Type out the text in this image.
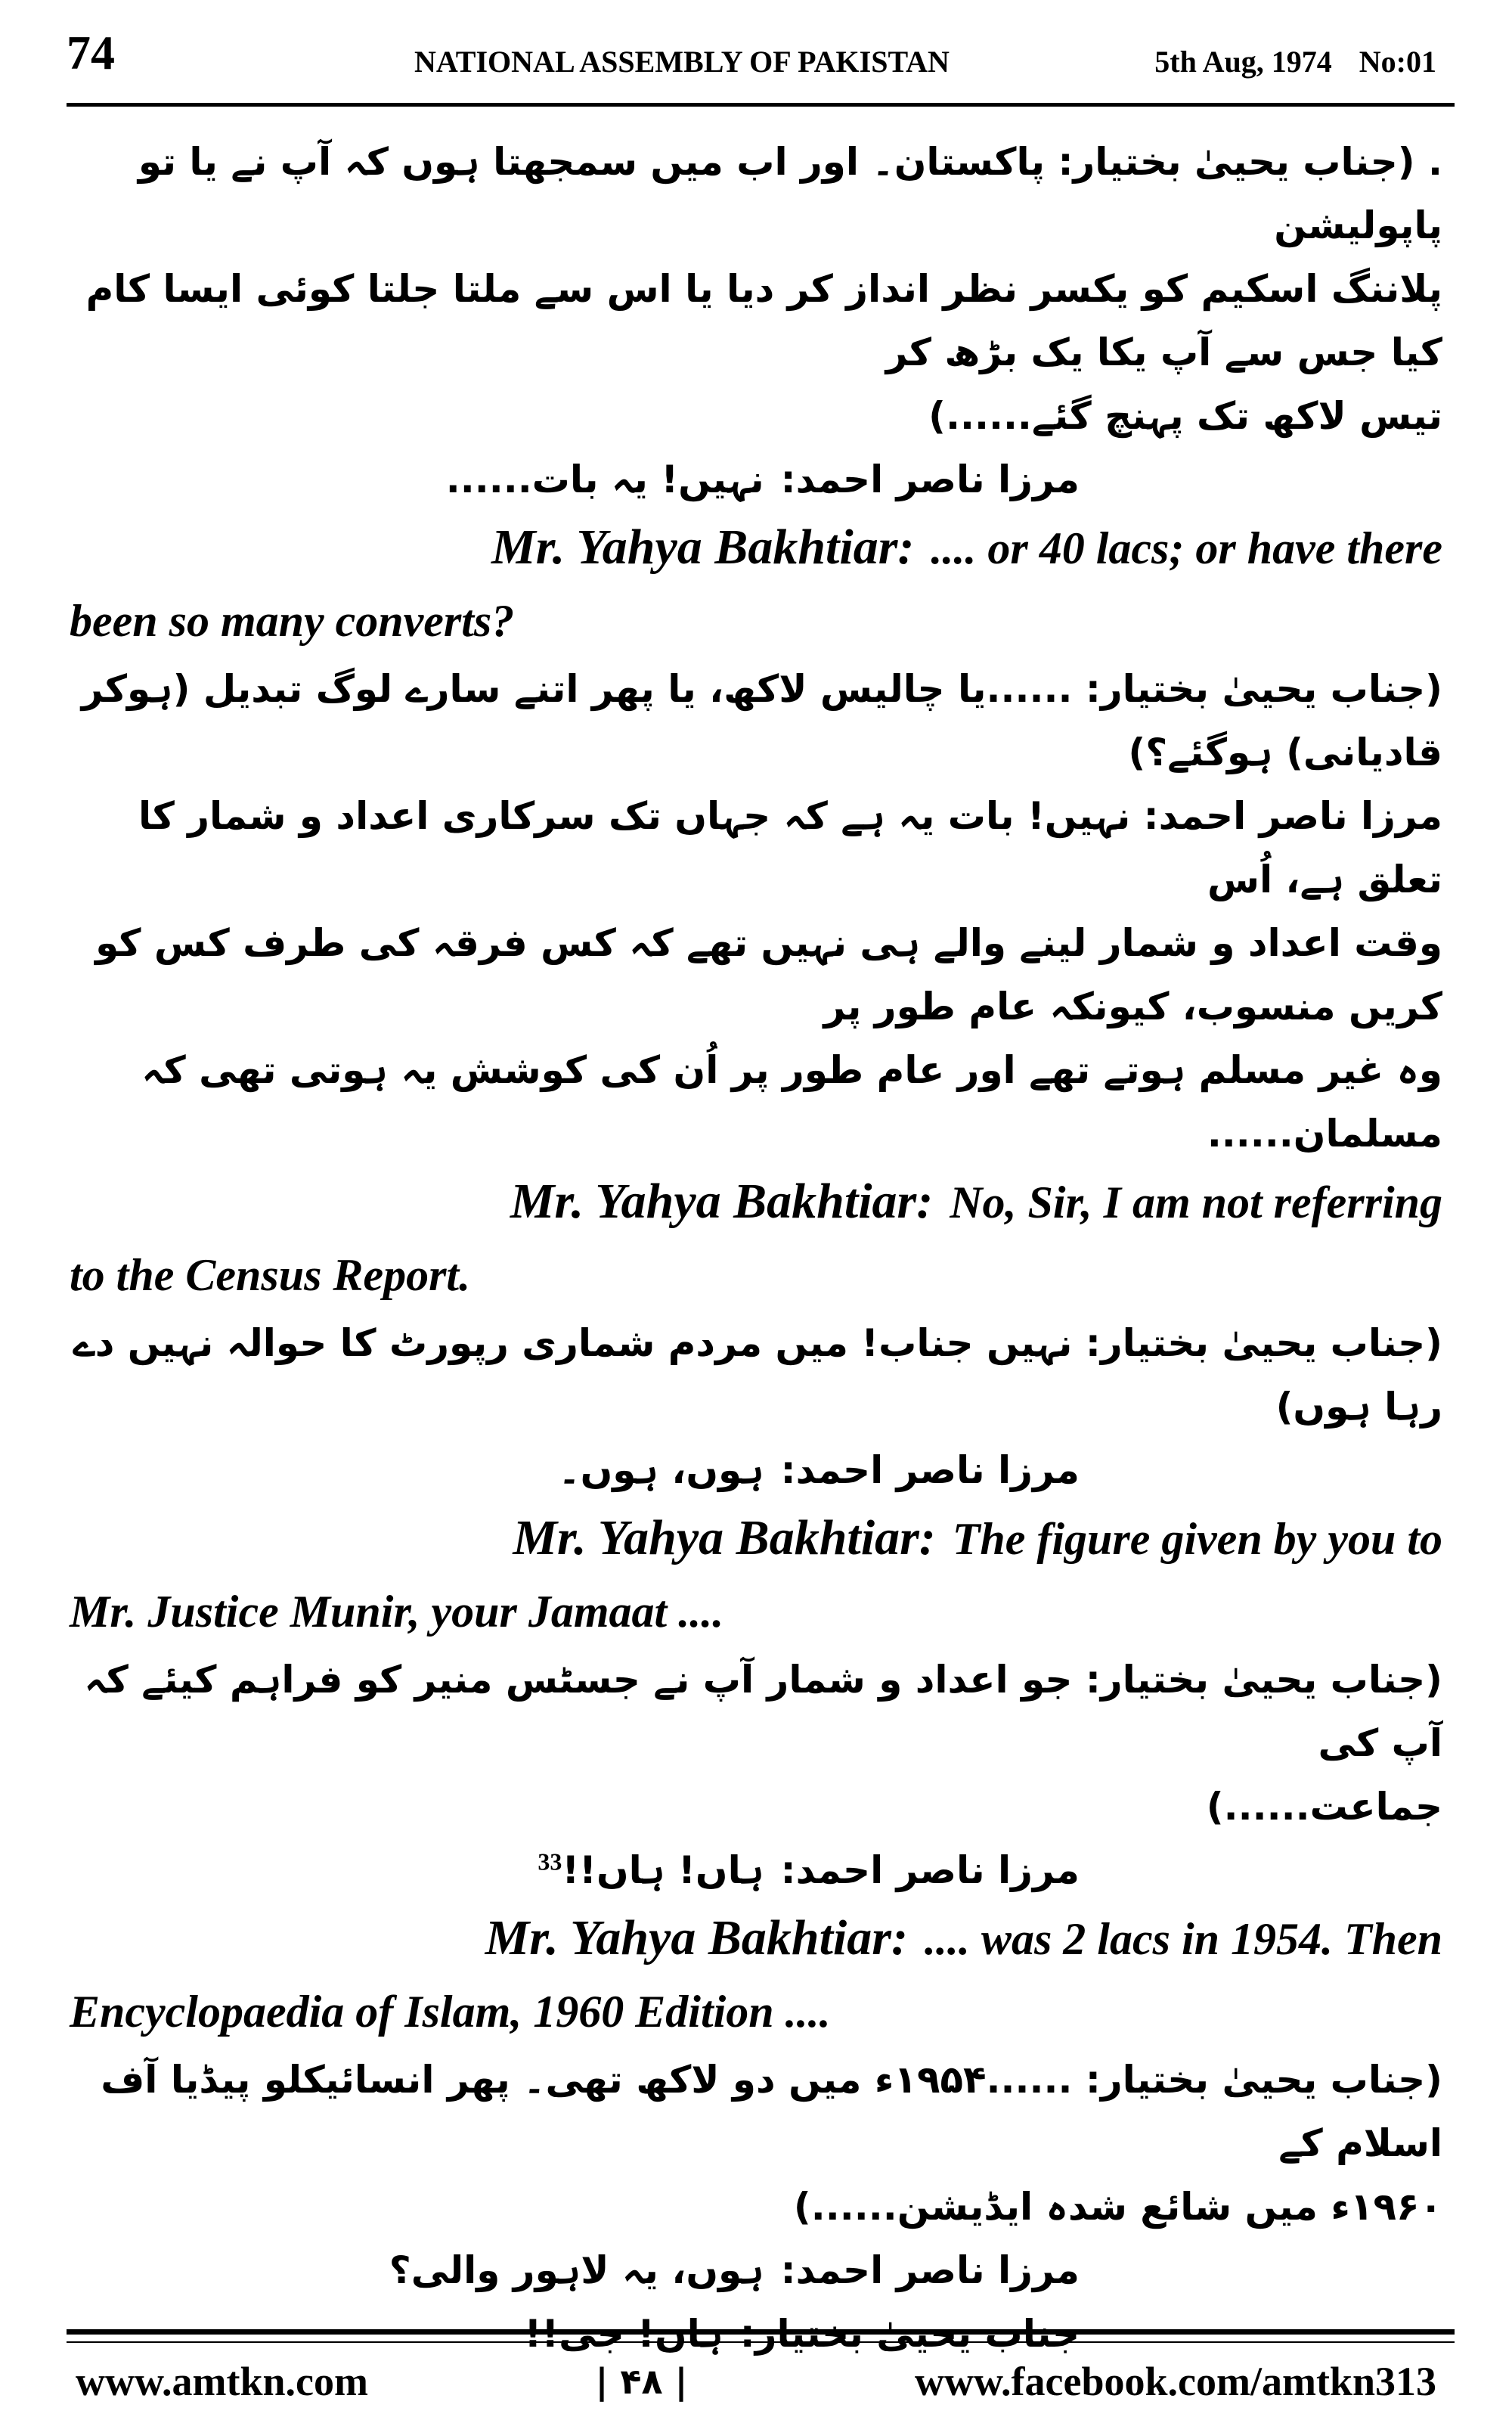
74	NATIONAL ASSEMBLY OF PAKISTAN	5th Aug, 1974 No:01
. (جناب یحییٰ بختیار: پاکستان۔ اور اب میں سمجھتا ہوں کہ آپ نے یا تو پاپولیشن
پلاننگ اسکیم کو یکسر نظر انداز کر دیا یا اس سے ملتا جلتا کوئی ایسا کام کیا جس سے آپ یکا یک بڑھ کر
تیس لاکھ تک پہنچ گئے......)
مرزا ناصر احمد:نہیں! یہ بات......
Mr. Yahya Bakhtiar: .... or 40 lacs; or have there
been so many converts?
(جناب یحییٰ بختیار: ......یا چالیس لاکھ، یا پھر اتنے سارے لوگ تبدیل (ہوکر
قادیانی) ہوگئے؟)
مرزا ناصر احمد: نہیں! بات یہ ہے کہ جہاں تک سرکاری اعداد و شمار کا تعلق ہے، اُس
وقت اعداد و شمار لینے والے ہی نہیں تھے کہ کس فرقہ کی طرف کس کو کریں منسوب، کیونکہ عام طور پر
وہ غیر مسلم ہوتے تھے اور عام طور پر اُن کی کوشش یہ ہوتی تھی کہ مسلمان......
Mr. Yahya Bakhtiar: No, Sir, I am not referring
to the Census Report.
(جناب یحییٰ بختیار: نہیں جناب! میں مردم شماری رپورٹ کا حوالہ نہیں دے رہا ہوں)
مرزا ناصر احمد:ہوں، ہوں۔
Mr. Yahya Bakhtiar: The figure given by you to
Mr. Justice Munir, your Jamaat ....
(جناب یحییٰ بختیار: جو اعداد و شمار آپ نے جسٹس منیر کو فراہم کیئے کہ آپ کی
جماعت......)
مرزا ناصر احمد:ہاں! ہاں!!$^{33}$
Mr. Yahya Bakhtiar: .... was 2 lacs in 1954. Then
Encyclopaedia of Islam, 1960 Edition ....
(جناب یحییٰ بختیار: ......۱۹۵۴ء میں دو لاکھ تھی۔ پھر انسائیکلو پیڈیا آف اسلام کے
۱۹۶۰ء میں شائع شدہ ایڈیشن......)
مرزا ناصر احمد:ہوں، یہ لاہور والی؟
جناب یحییٰ بختیار:ہاں! جی!!
www.amtkn.com	| ۴۸ |	www.facebook.com/amtkn313
